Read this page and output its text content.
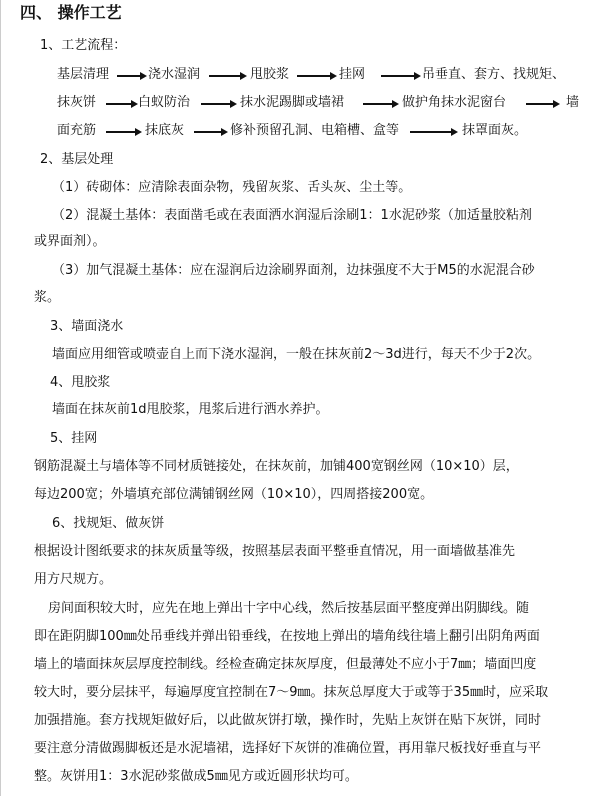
四、 操作工艺
1、工艺流程：
基层清理	浇水湿润	甩胶浆	挂网	吊垂直、套方、找规矩、
抹灰饼	白蚁防治	抹水泥踢脚或墙裙	做护角抹水泥窗台	墙
面充筋	抹底灰	修补预留孔洞、电箱槽、盒等	抹罩面灰。
2、基层处理
（1）砖砌体：应清除表面杂物，残留灰浆、舌头灰、尘土等。
（2）混凝土基体：表面凿毛或在表面洒水润湿后涂刷1：1水泥砂浆（加适量胶粘剂
或界面剂）。
（3）加气混凝土基体：应在湿润后边涂刷界面剂，边抹强度不大于M5的水泥混合砂
浆。
3、墙面浇水
墙面应用细管或喷壶自上而下浇水湿润，一般在抹灰前2～3d进行，每天不少于2次。
4、甩胶浆
墙面在抹灰前1d甩胶浆，甩浆后进行洒水养护。
5、挂网
钢筋混凝土与墙体等不同材质链接处，在抹灰前，加铺400宽钢丝网（10×10）层，
每边200宽；外墙填充部位满铺钢丝网（10×10），四周搭接200宽。
6、找规矩、做灰饼
根据设计图纸要求的抹灰质量等级，按照基层表面平整垂直情况，用一面墙做基准先
用方尺规方。
房间面积较大时，应先在地上弹出十字中心线，然后按基层面平整度弹出阴脚线。随
即在距阴脚100㎜处吊垂线并弹出铅垂线，在按地上弹出的墙角线往墙上翻引出阴角两面
墙上的墙面抹灰层厚度控制线。经检查确定抹灰厚度，但最薄处不应小于7㎜；墙面凹度
较大时，要分层抹平，每遍厚度宜控制在7～9㎜。抹灰总厚度大于或等于35㎜时，应采取
加强措施。套方找规矩做好后，以此做灰饼打墩，操作时，先贴上灰饼在贴下灰饼，同时
要注意分清做踢脚板还是水泥墙裙，选择好下灰饼的准确位置，再用靠尺板找好垂直与平
整。灰饼用1：3水泥砂浆做成5㎜见方或近圆形状均可。
